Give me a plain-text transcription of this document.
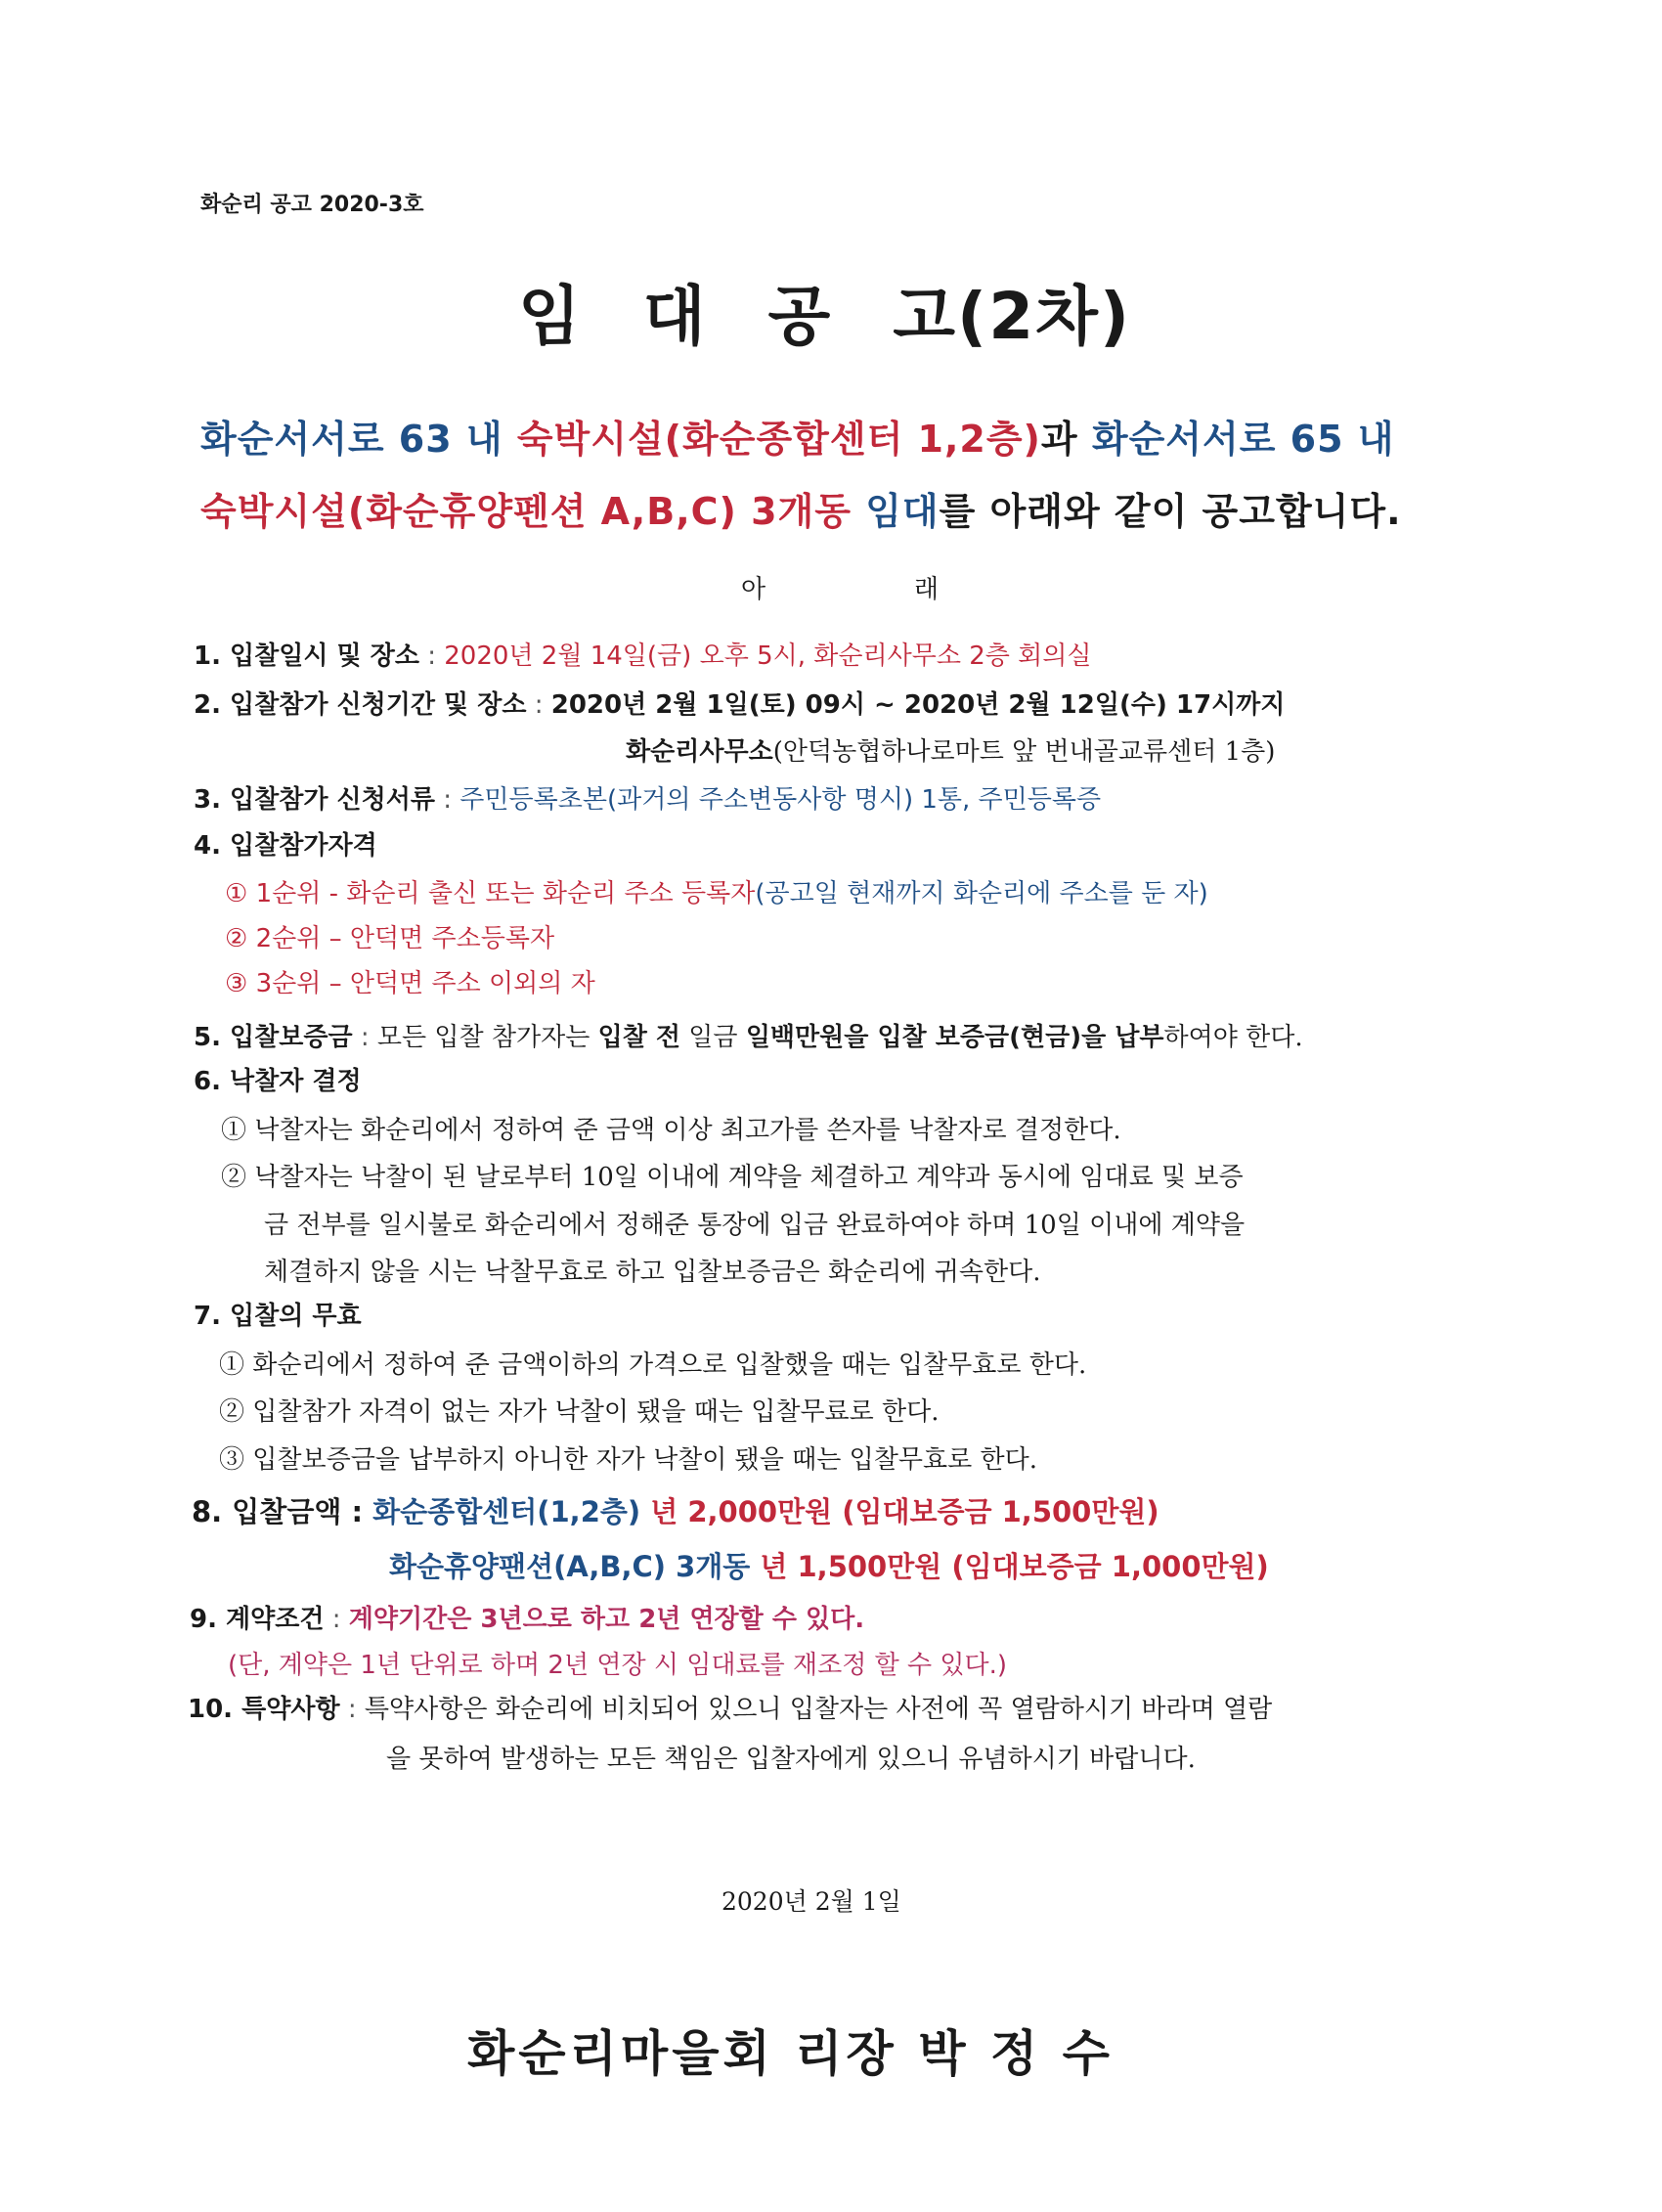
화순리 공고 2020-3호
임 대 공 고(2차)
화순서서로 63 내 숙박시설(화순종합센터 1,2층)과 화순서서로 65 내
숙박시설(화순휴양펜션 A,B,C) 3개동 임대를 아래와 같이 공고합니다.
아	래
1. 입찰일시 및 장소 : 2020년 2월 14일(금) 오후 5시, 화순리사무소 2층 회의실
2. 입찰참가 신청기간 및 장소 : 2020년 2월 1일(토) 09시 ~ 2020년 2월 12일(수) 17시까지
화순리사무소(안덕농협하나로마트 앞 번내골교류센터 1층)
3. 입찰참가 신청서류 : 주민등록초본(과거의 주소변동사항 명시) 1통, 주민등록증
4. 입찰참가자격
① 1순위 - 화순리 출신 또는 화순리 주소 등록자(공고일 현재까지 화순리에 주소를 둔 자)
② 2순위 – 안덕면 주소등록자
③ 3순위 – 안덕면 주소 이외의 자
5. 입찰보증금 : 모든 입찰 참가자는 입찰 전 일금 일백만원을 입찰 보증금(현금)을 납부하여야 한다.
6. 낙찰자 결정
① 낙찰자는 화순리에서 정하여 준 금액 이상 최고가를 쓴자를 낙찰자로 결정한다.
② 낙찰자는 낙찰이 된 날로부터 10일 이내에 계약을 체결하고 계약과 동시에 임대료 및 보증
금 전부를 일시불로 화순리에서 정해준 통장에 입금 완료하여야 하며 10일 이내에 계약을
체결하지 않을 시는 낙찰무효로 하고 입찰보증금은 화순리에 귀속한다.
7. 입찰의 무효
① 화순리에서 정하여 준 금액이하의 가격으로 입찰했을 때는 입찰무효로 한다.
② 입찰참가 자격이 없는 자가 낙찰이 됐을 때는 입찰무료로 한다.
③ 입찰보증금을 납부하지 아니한 자가 낙찰이 됐을 때는 입찰무효로 한다.
8. 입찰금액 : 화순종합센터(1,2층) 년 2,000만원 (임대보증금 1,500만원)
화순휴양팬션(A,B,C) 3개동 년 1,500만원 (임대보증금 1,000만원)
9. 계약조건 : 계약기간은 3년으로 하고 2년 연장할 수 있다.
(단, 계약은 1년 단위로 하며 2년 연장 시 임대료를 재조정 할 수 있다.)
10. 특약사항 : 특약사항은 화순리에 비치되어 있으니 입찰자는 사전에 꼭 열람하시기 바라며 열람
을 못하여 발생하는 모든 책임은 입찰자에게 있으니 유념하시기 바랍니다.
2020년 2월 1일
화순리마을회 리장 박 정 수
